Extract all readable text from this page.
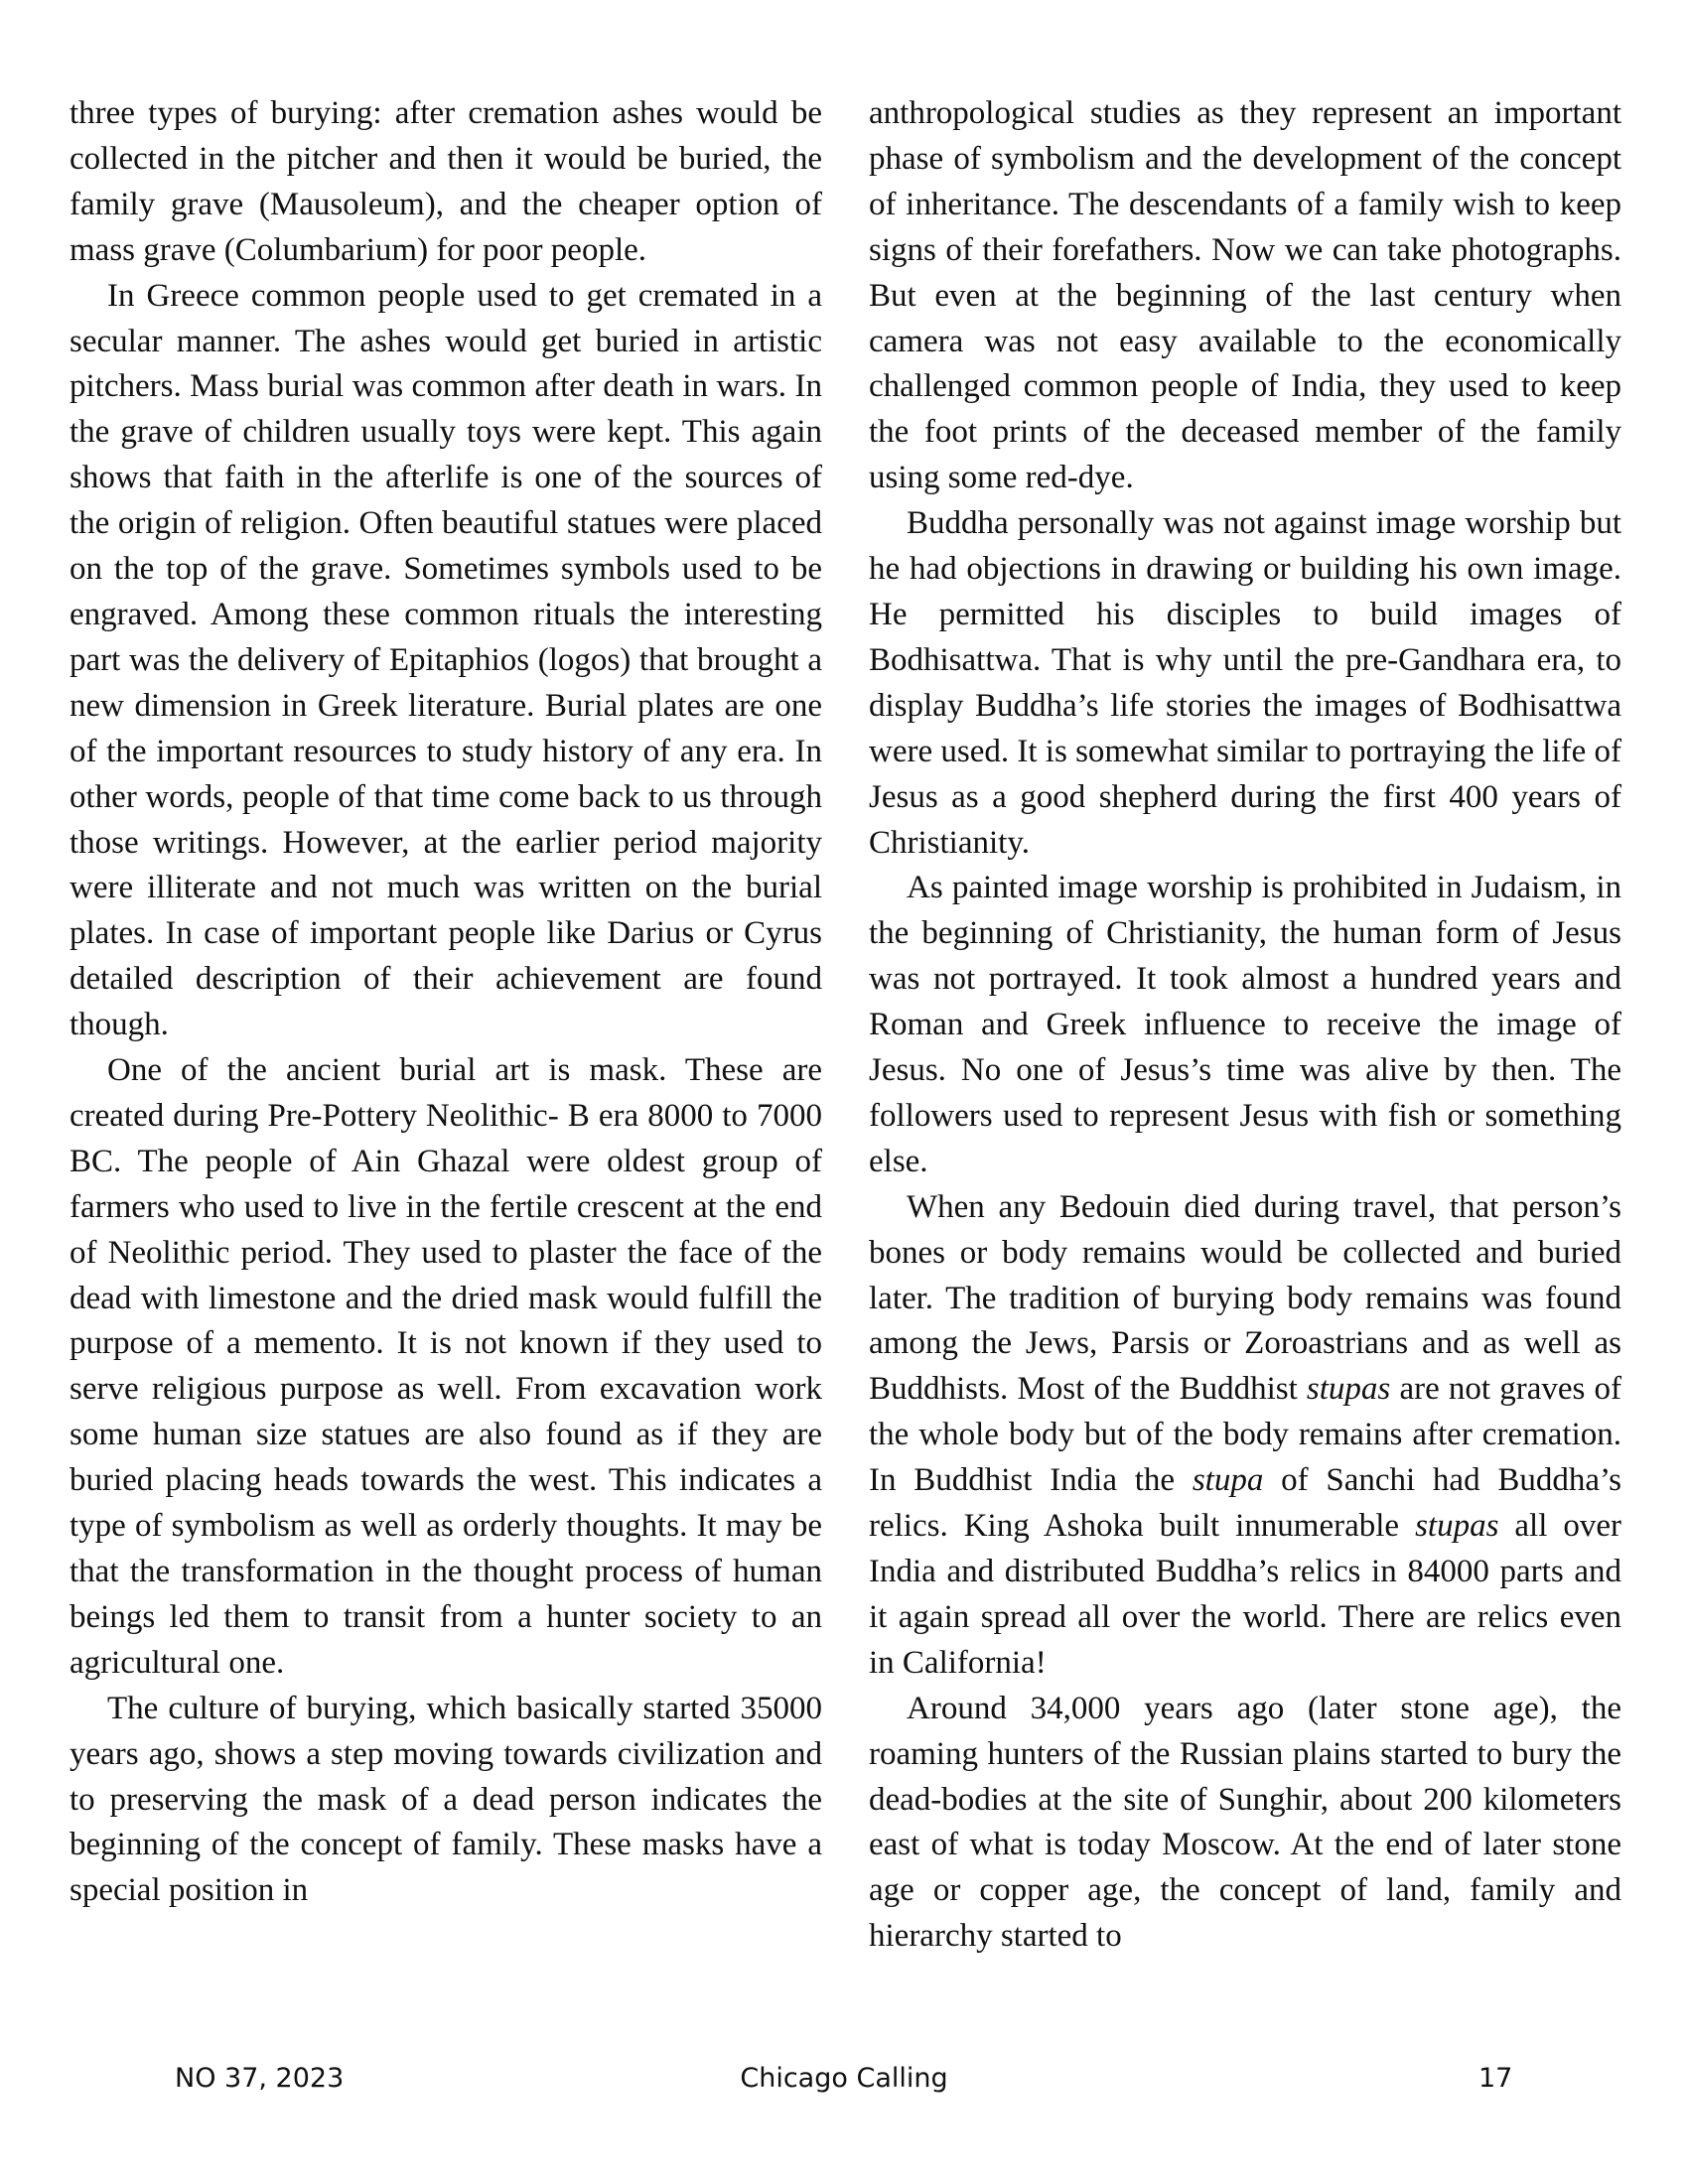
three types of burying: after cremation ashes would be collected in the pitcher and then it would be buried, the family grave (Mausoleum), and the cheaper option of mass grave (Columbarium) for poor people.

In Greece common people used to get cremated in a secular manner. The ashes would get buried in artistic pitchers. Mass burial was common after death in wars. In the grave of children usually toys were kept. This again shows that faith in the afterlife is one of the sources of the origin of religion. Often beautiful statues were placed on the top of the grave. Sometimes symbols used to be engraved. Among these common rituals the interesting part was the delivery of Epitaphios (logos) that brought a new dimension in Greek literature. Burial plates are one of the important resources to study history of any era. In other words, people of that time come back to us through those writings. However, at the earlier period majority were illiterate and not much was written on the burial plates. In case of important people like Darius or Cyrus detailed description of their achievement are found though.

One of the ancient burial art is mask. These are created during Pre-Pottery Neolithic- B era 8000 to 7000 BC. The people of Ain Ghazal were oldest group of farmers who used to live in the fertile crescent at the end of Neolithic period. They used to plaster the face of the dead with limestone and the dried mask would fulfill the purpose of a memento. It is not known if they used to serve religious purpose as well. From excavation work some human size statues are also found as if they are buried placing heads towards the west. This indicates a type of symbolism as well as orderly thoughts. It may be that the transformation in the thought process of human beings led them to transit from a hunter society to an agricultural one.

The culture of burying, which basically started 35000 years ago, shows a step moving towards civilization and to preserving the mask of a dead person indicates the beginning of the concept of family. These masks have a special position in

anthropological studies as they represent an important phase of symbolism and the development of the concept of inheritance. The descendants of a family wish to keep signs of their forefathers. Now we can take photographs. But even at the beginning of the last century when camera was not easy available to the economically challenged common people of India, they used to keep the foot prints of the deceased member of the family using some red-dye.

Buddha personally was not against image worship but he had objections in drawing or building his own image. He permitted his disciples to build images of Bodhisattwa. That is why until the pre-Gandhara era, to display Buddha’s life stories the images of Bodhisattwa were used. It is somewhat similar to portraying the life of Jesus as a good shepherd during the first 400 years of Christianity.

As painted image worship is prohibited in Judaism, in the beginning of Christianity, the human form of Jesus was not portrayed. It took almost a hundred years and Roman and Greek influence to receive the image of Jesus. No one of Jesus’s time was alive by then. The followers used to represent Jesus with fish or something else.

When any Bedouin died during travel, that person’s bones or body remains would be collected and buried later. The tradition of burying body remains was found among the Jews, Parsis or Zoroastrians and as well as Buddhists. Most of the Buddhist stupas are not graves of the whole body but of the body remains after cremation. In Buddhist India the stupa of Sanchi had Buddha’s relics. King Ashoka built innumerable stupas all over India and distributed Buddha’s relics in 84000 parts and it again spread all over the world. There are relics even in California!

Around 34,000 years ago (later stone age), the roaming hunters of the Russian plains started to bury the dead-bodies at the site of Sunghir, about 200 kilometers east of what is today Moscow. At the end of later stone age or copper age, the concept of land, family and hierarchy started to

NO 37, 2023	Chicago Calling	17
